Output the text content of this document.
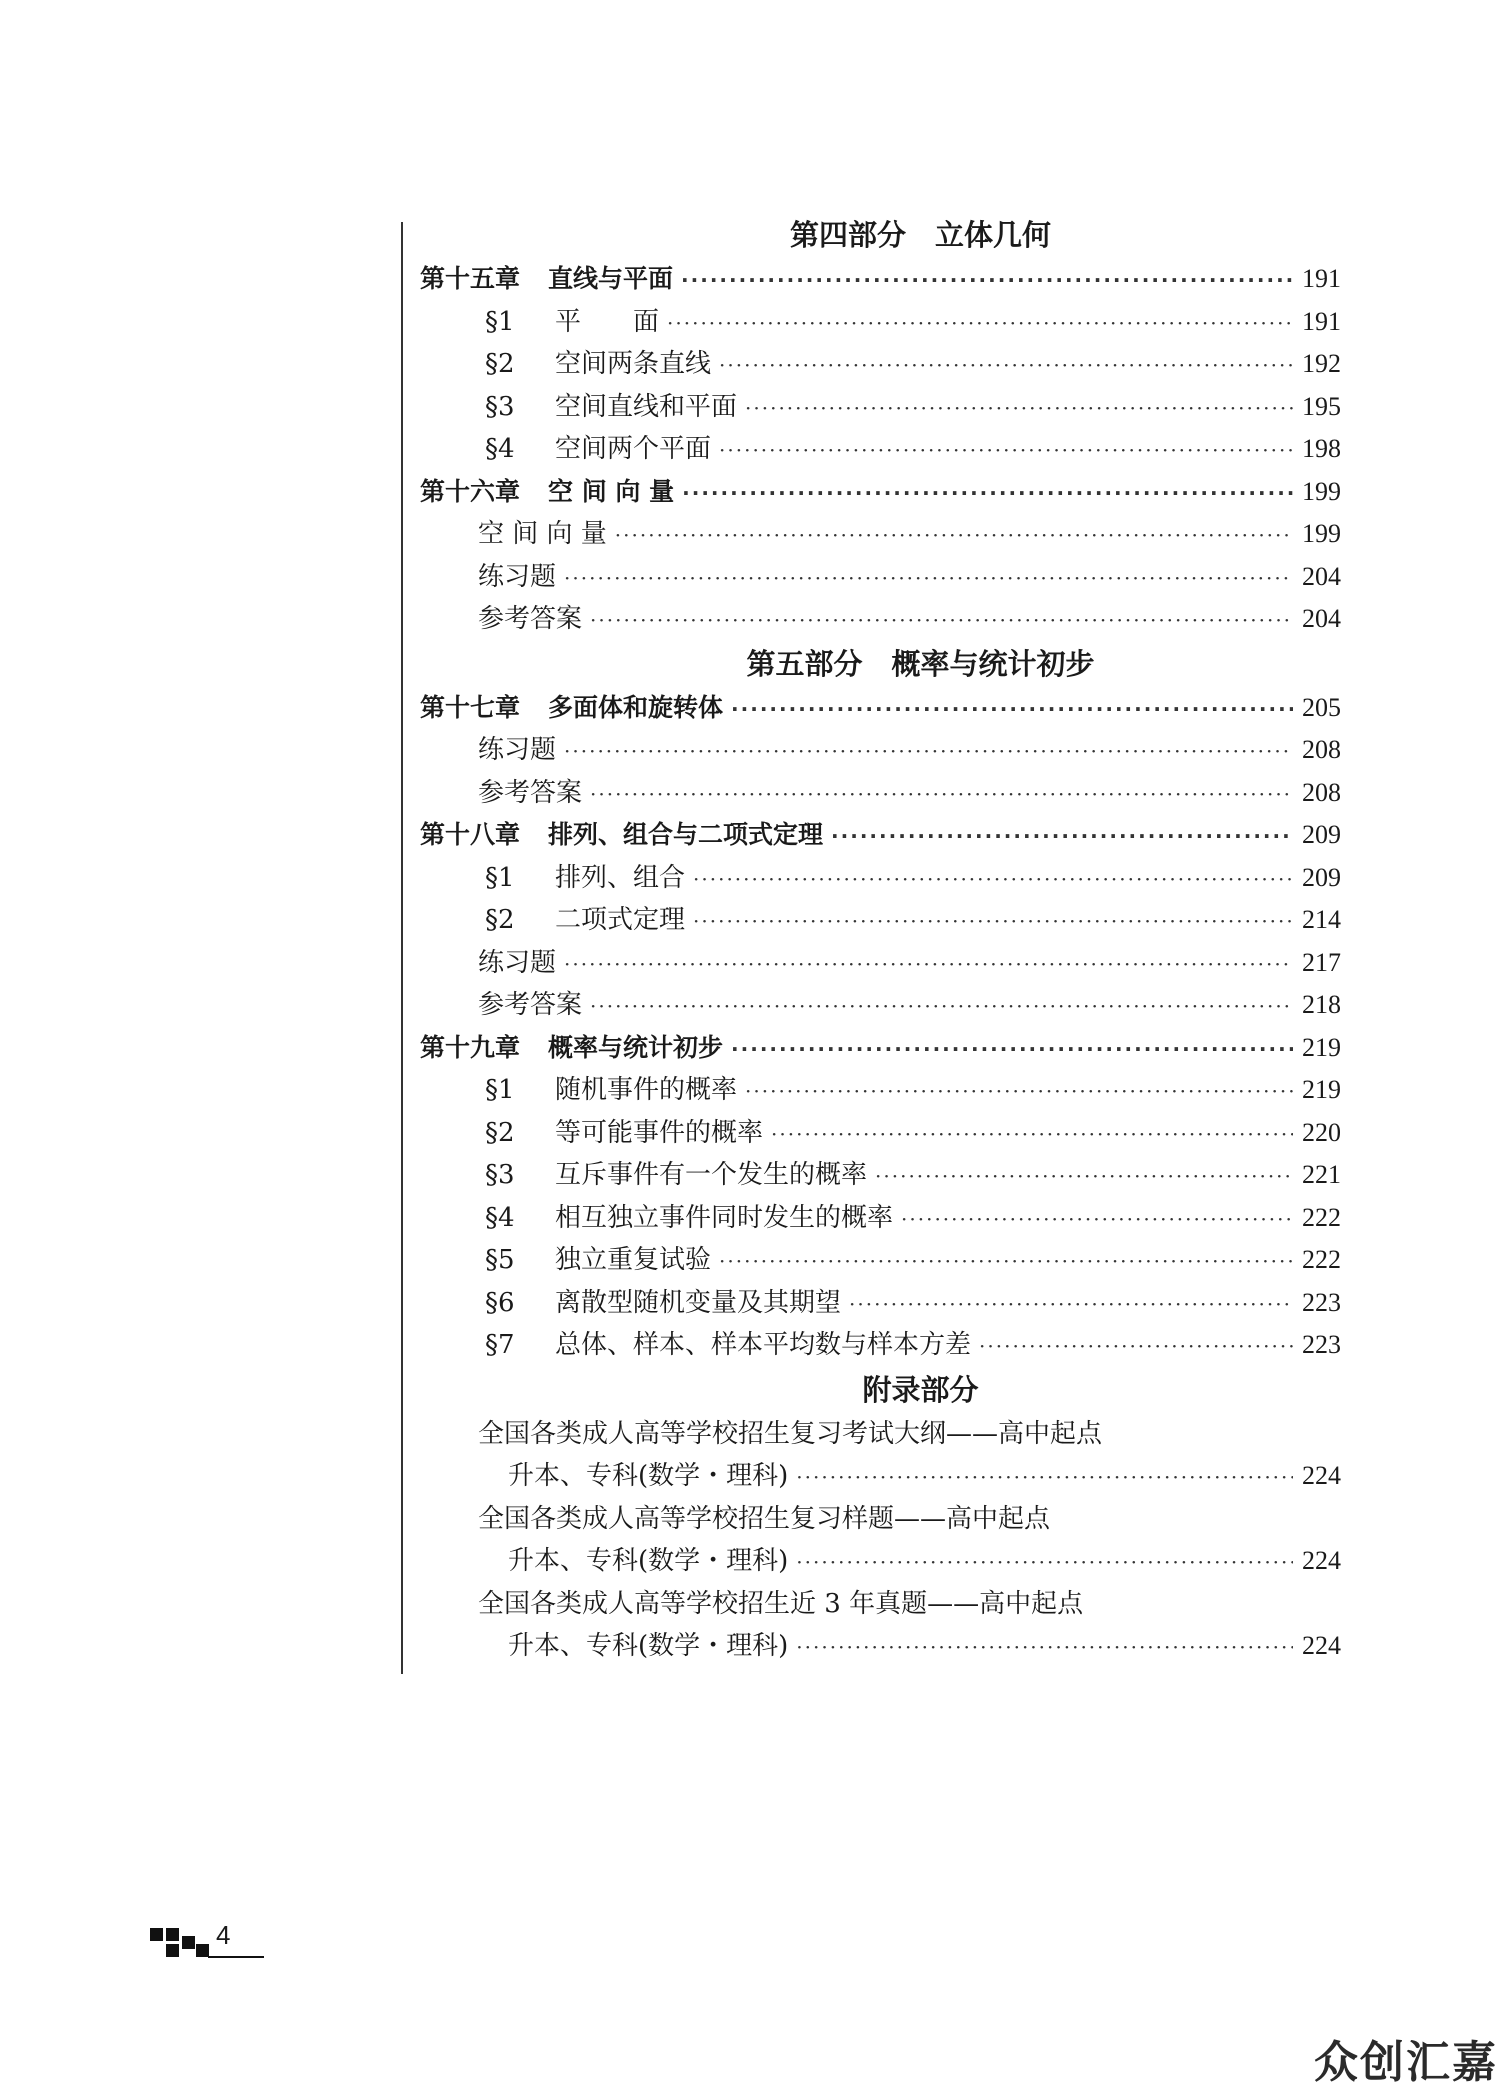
第四部分　立体几何
第十五章 直线与平面 ·····	191
§1	平　　面 ·····	191
§2	空间两条直线 ·····	192
§3	空间直线和平面 ·····	195
§4	空间两个平面 ·····	198
第十六章 空 间 向 量 ·····	199
空 间 向 量 ·····	199
练习题 ·····	204
参考答案 ·····	204
第五部分　概率与统计初步
第十七章 多面体和旋转体 ·····	205
练习题 ·····	208
参考答案 ·····	208
第十八章 排列、组合与二项式定理 ·····	209
§1	排列、组合 ·····	209
§2	二项式定理 ·····	214
练习题 ·····	217
参考答案 ·····	218
第十九章 概率与统计初步 ·····	219
§1	随机事件的概率 ·····	219
§2	等可能事件的概率 ·····	220
§3	互斥事件有一个发生的概率 ·····	221
§4	相互独立事件同时发生的概率 ·····	222
§5	独立重复试验 ·····	222
§6	离散型随机变量及其期望 ·····	223
§7	总体、样本、样本平均数与样本方差 ·····	223
附录部分
全国各类成人高等学校招生复习考试大纲——高中起点
升本、专科(数学・理科) ·····	224
全国各类成人高等学校招生复习样题——高中起点
升本、专科(数学・理科) ·····	224
全国各类成人高等学校招生近 3 年真题——高中起点
升本、专科(数学・理科) ·····	224
4
众创汇嘉
